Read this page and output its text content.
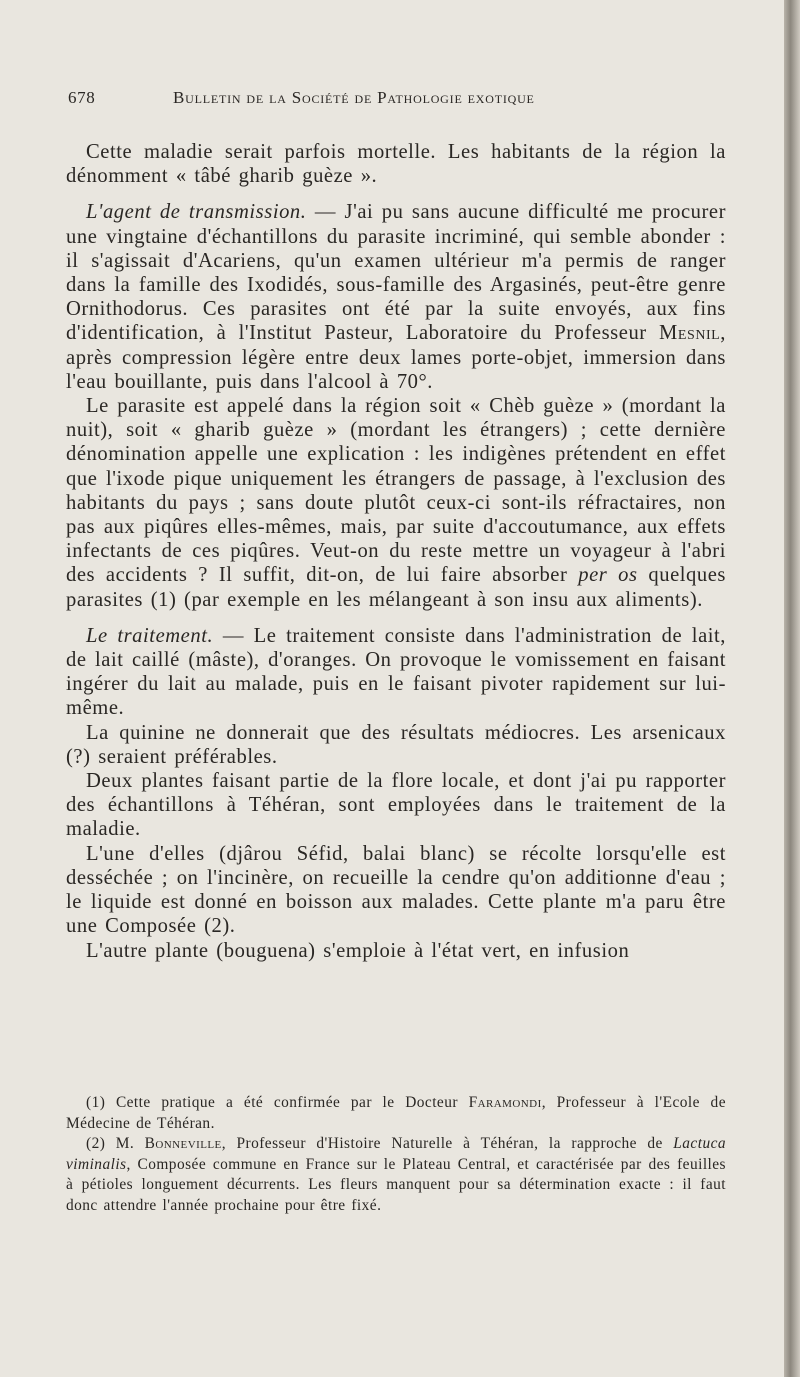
678	Bulletin de la Société de Pathologie exotique

Cette maladie serait parfois mortelle. Les habitants de la région la dénomment « tâbé gharib guèze ».

L'agent de transmission. — J'ai pu sans aucune difficulté me procurer une vingtaine d'échantillons du parasite incriminé, qui semble abonder : il s'agissait d'Acariens, qu'un examen ultérieur m'a permis de ranger dans la famille des Ixodidés, sous-famille des Argasinés, peut-être genre Ornithodorus. Ces parasites ont été par la suite envoyés, aux fins d'identification, à l'Institut Pasteur, Laboratoire du Professeur Mesnil, après compression légère entre deux lames porte-objet, immersion dans l'eau bouillante, puis dans l'alcool à 70°.

Le parasite est appelé dans la région soit « Chèb guèze » (mordant la nuit), soit « gharib guèze » (mordant les étrangers) ; cette dernière dénomination appelle une explication : les indigènes prétendent en effet que l'ixode pique uniquement les étrangers de passage, à l'exclusion des habitants du pays ; sans doute plutôt ceux-ci sont-ils réfractaires, non pas aux piqûres elles-mêmes, mais, par suite d'accoutumance, aux effets infectants de ces piqûres. Veut-on du reste mettre un voyageur à l'abri des accidents ? Il suffit, dit-on, de lui faire absorber per os quelques parasites (1) (par exemple en les mélangeant à son insu aux aliments).

Le traitement. — Le traitement consiste dans l'administration de lait, de lait caillé (mâste), d'oranges. On provoque le vomissement en faisant ingérer du lait au malade, puis en le faisant pivoter rapidement sur lui-même.

La quinine ne donnerait que des résultats médiocres. Les arsenicaux (?) seraient préférables.

Deux plantes faisant partie de la flore locale, et dont j'ai pu rapporter des échantillons à Téhéran, sont employées dans le traitement de la maladie.

L'une d'elles (djârou Séfid, balai blanc) se récolte lorsqu'elle est desséchée ; on l'incinère, on recueille la cendre qu'on additionne d'eau ; le liquide est donné en boisson aux malades. Cette plante m'a paru être une Composée (2).

L'autre plante (bouguena) s'emploie à l'état vert, en infusion

(1) Cette pratique a été confirmée par le Docteur Faramondi, Professeur à l'Ecole de Médecine de Téhéran.

(2) M. Bonneville, Professeur d'Histoire Naturelle à Téhéran, la rapproche de Lactuca viminalis, Composée commune en France sur le Plateau Central, et caractérisée par des feuilles à pétioles longuement décurrents. Les fleurs manquent pour sa détermination exacte : il faut donc attendre l'année prochaine pour être fixé.
